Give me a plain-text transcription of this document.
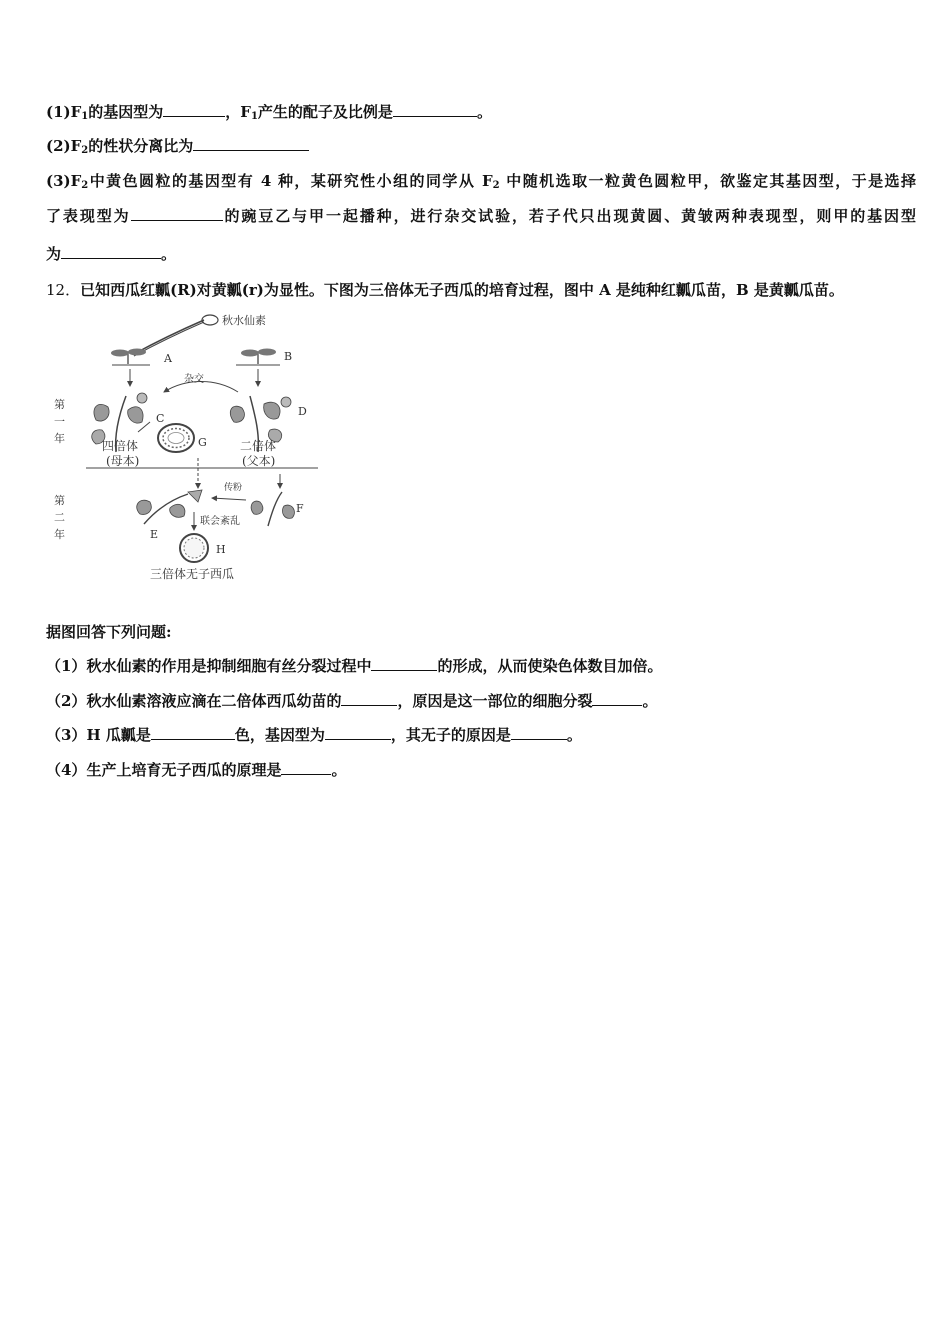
$(1)F_1$的基因型为	，$F_1$产生的配子及比例是	。
$(2)F_2$的性状分离比为
$(3)F_2$中黄色圆粒的基因型有 4 种，某研究性小组的同学从 $F_2$ 中随机选取一粒黄色圆粒甲，欲鉴定其基因型，于是选择
了表现型为	的豌豆乙与甲一起播种，进行杂交试验，若子代只出现黄圆、黄皱两种表现型，则甲的基因型
为	。
12．已知西瓜红瓤(R)对黄瓤(r)为显性。下图为三倍体无子西瓜的培育过程，图中 A 是纯种红瓤瓜苗，B 是黄瓤瓜苗。
秋水仙素
A	B
杂交
第
一
年
C
D
G
四倍体
(母本)
二倍体
(父本)
第
二
年	E
传粉
F
联会紊乱
H
三倍体无子西瓜
据图回答下列问题:
（1）秋水仙素的作用是抑制细胞有丝分裂过程中	的形成，从而使染色体数目加倍。
（2）秋水仙素溶液应滴在二倍体西瓜幼苗的	，原因是这一部位的细胞分裂	。
（3）H 瓜瓤是	色，基因型为	，其无子的原因是	。
（4）生产上培育无子西瓜的原理是	。
